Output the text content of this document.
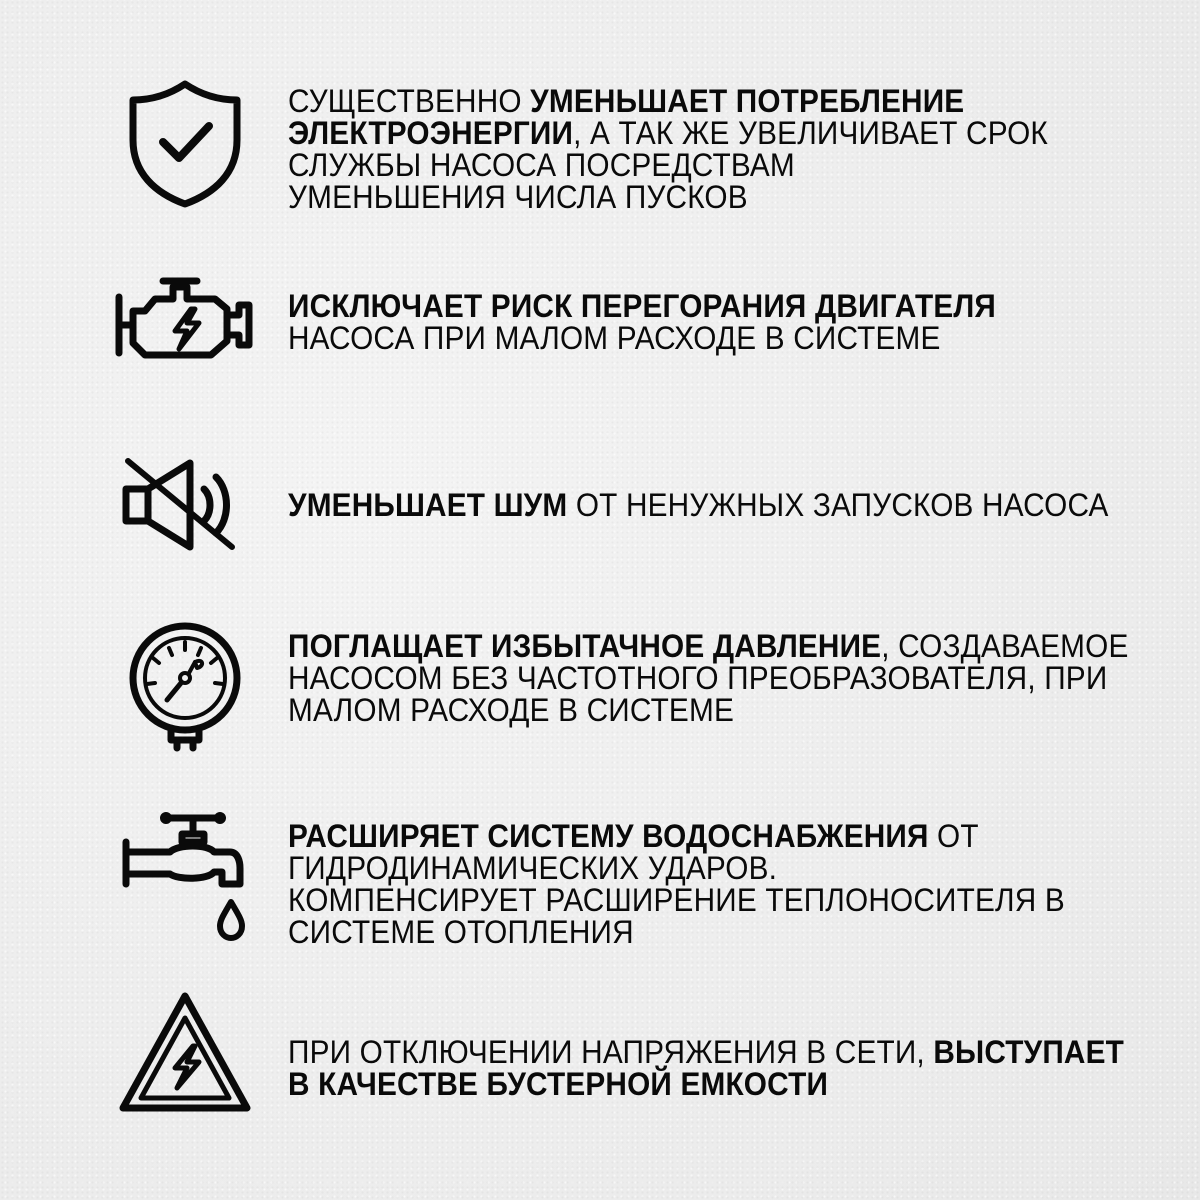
СУЩЕСТВЕННО УМЕНЬШАЕТ ПОТРЕБЛЕНИЕ
ЭЛЕКТРОЭНЕРГИИ, А ТАК ЖЕ УВЕЛИЧИВАЕТ СРОК
СЛУЖБЫ НАСОСА ПОСРЕДСТВАМ
УМЕНЬШЕНИЯ ЧИСЛА ПУСКОВ
ИСКЛЮЧАЕТ РИСК ПЕРЕГОРАНИЯ ДВИГАТЕЛЯ
НАСОСА ПРИ МАЛОМ РАСХОДЕ В СИСТЕМЕ
УМЕНЬШАЕТ ШУМ ОТ НЕНУЖНЫХ ЗАПУСКОВ НАСОСА
ПОГЛАЩАЕТ ИЗБЫТАЧНОЕ ДАВЛЕНИЕ, СОЗДАВАЕМОЕ
НАСОСОМ БЕЗ ЧАСТОТНОГО ПРЕОБРАЗОВАТЕЛЯ, ПРИ
МАЛОМ РАСХОДЕ В СИСТЕМЕ
РАСШИРЯЕТ СИСТЕМУ ВОДОСНАБЖЕНИЯ ОТ
ГИДРОДИНАМИЧЕСКИХ УДАРОВ.
КОМПЕНСИРУЕТ РАСШИРЕНИЕ ТЕПЛОНОСИТЕЛЯ В
СИСТЕМЕ ОТОПЛЕНИЯ
ПРИ ОТКЛЮЧЕНИИ НАПРЯЖЕНИЯ В СЕТИ, ВЫСТУПАЕТ
В КАЧЕСТВЕ БУСТЕРНОЙ ЕМКОСТИ
